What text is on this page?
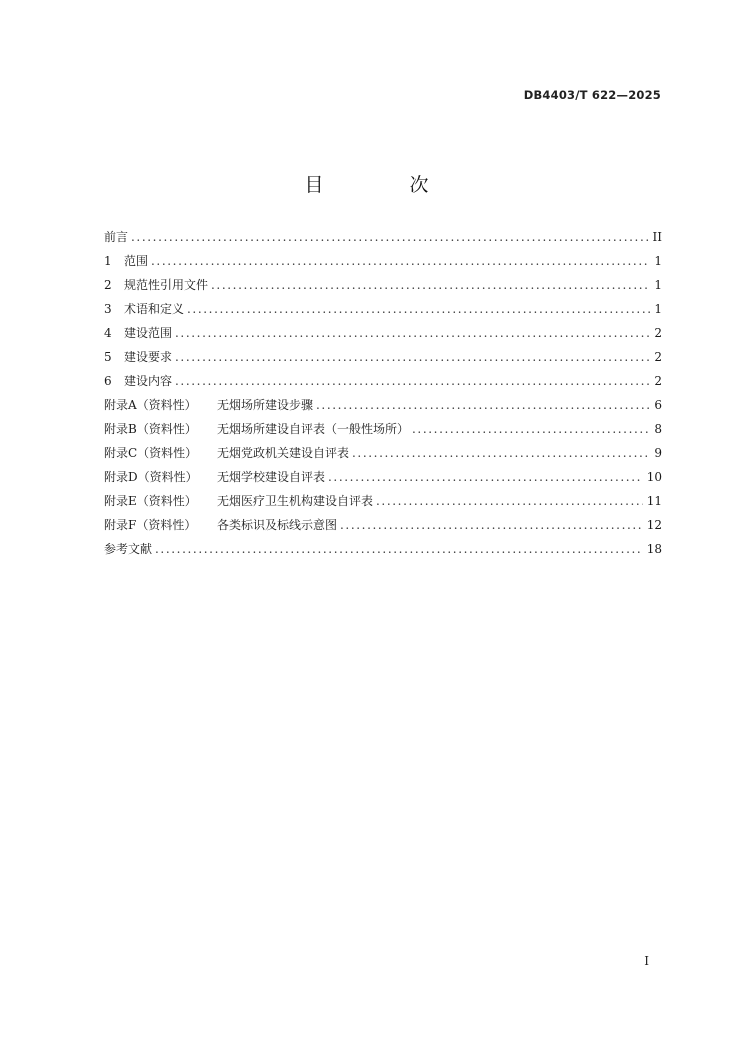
DB4403/T 622—2025
目 次
前言 .....	II
1	范围 .....	1
2	规范性引用文件 .....	1
3	术语和定义 .....	1
4	建设范围 .....	2
5	建设要求 .....	2
6	建设内容 .....	2
附录A（资料性）	无烟场所建设步骤 .....	6
附录B（资料性）	无烟场所建设自评表（一般性场所） .....	8
附录C（资料性）	无烟党政机关建设自评表 .....	9
附录D（资料性）	无烟学校建设自评表 .....	10
附录E（资料性）	无烟医疗卫生机构建设自评表 .....	11
附录F（资料性）	各类标识及标线示意图 .....	12
参考文献 .....	18
I
